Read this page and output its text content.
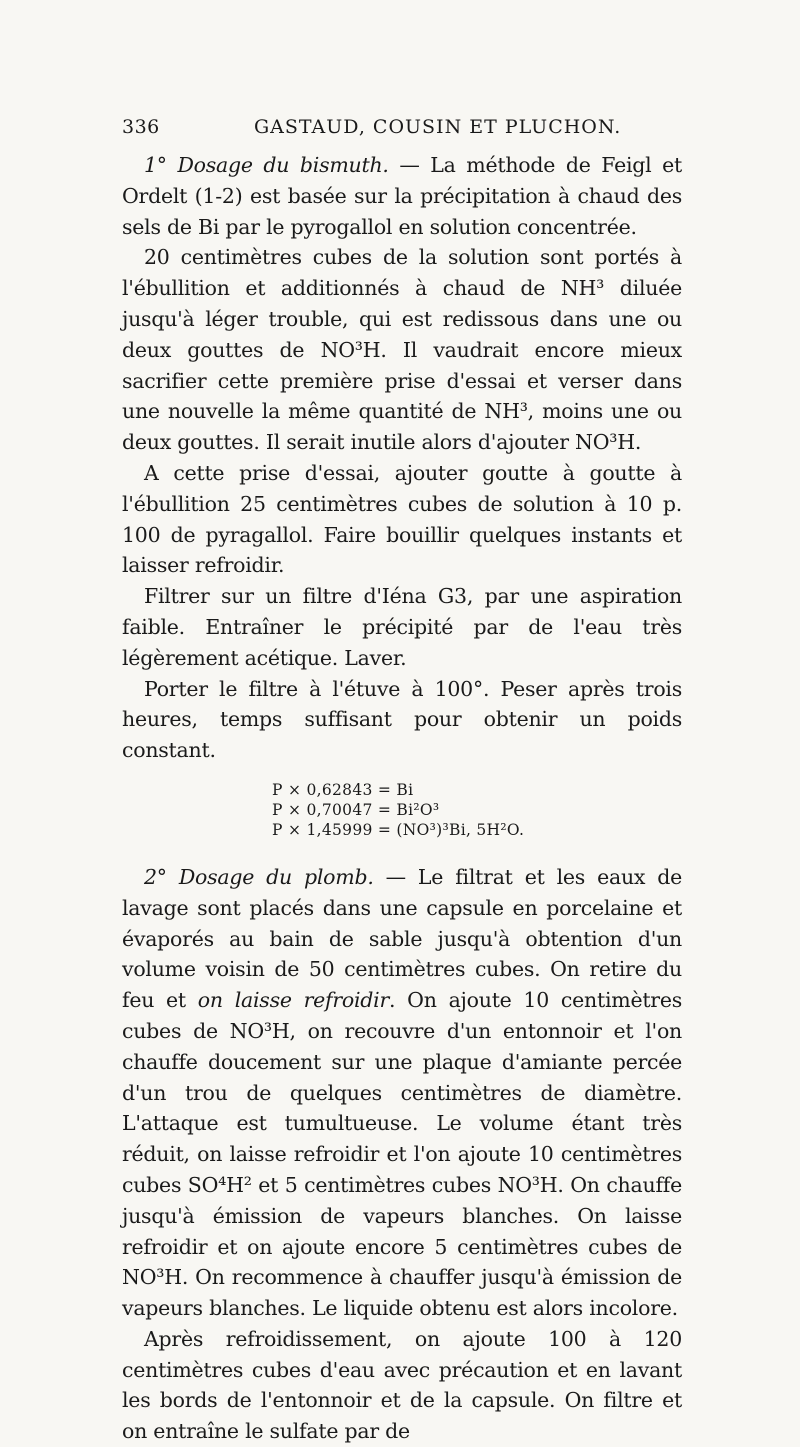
336	GASTAUD, COUSIN ET PLUCHON.

1° Dosage du bismuth. — La méthode de Feigl et Ordelt (1-2) est basée sur la précipitation à chaud des sels de Bi par le pyrogallol en solution concentrée.

20 centimètres cubes de la solution sont portés à l'ébullition et additionnés à chaud de NH³ diluée jusqu'à léger trouble, qui est redissous dans une ou deux gouttes de NO³H. Il vaudrait encore mieux sacrifier cette première prise d'essai et verser dans une nouvelle la même quantité de NH³, moins une ou deux gouttes. Il serait inutile alors d'ajouter NO³H.

A cette prise d'essai, ajouter goutte à goutte à l'ébullition 25 centimètres cubes de solution à 10 p. 100 de pyragallol. Faire bouillir quelques instants et laisser refroidir.

Filtrer sur un filtre d'Iéna G3, par une aspiration faible. Entraîner le précipité par de l'eau très légèrement acétique. Laver.

Porter le filtre à l'étuve à 100°. Peser après trois heures, temps suffisant pour obtenir un poids constant.

P × 0,62843 = Bi
P × 0,70047 = Bi²O³
P × 1,45999 = (NO³)³Bi, 5H²O.

2° Dosage du plomb. — Le filtrat et les eaux de lavage sont placés dans une capsule en porcelaine et évaporés au bain de sable jusqu'à obtention d'un volume voisin de 50 centimètres cubes. On retire du feu et on laisse refroidir. On ajoute 10 centimètres cubes de NO³H, on recouvre d'un entonnoir et l'on chauffe doucement sur une plaque d'amiante percée d'un trou de quelques centimètres de diamètre. L'attaque est tumultueuse. Le volume étant très réduit, on laisse refroidir et l'on ajoute 10 centimètres cubes SO⁴H² et 5 centimètres cubes NO³H. On chauffe jusqu'à émission de vapeurs blanches. On laisse refroidir et on ajoute encore 5 centimètres cubes de NO³H. On recommence à chauffer jusqu'à émission de vapeurs blanches. Le liquide obtenu est alors incolore.

Après refroidissement, on ajoute 100 à 120 centimètres cubes d'eau avec précaution et en lavant les bords de l'entonnoir et de la capsule. On filtre et on entraîne le sulfate par de
